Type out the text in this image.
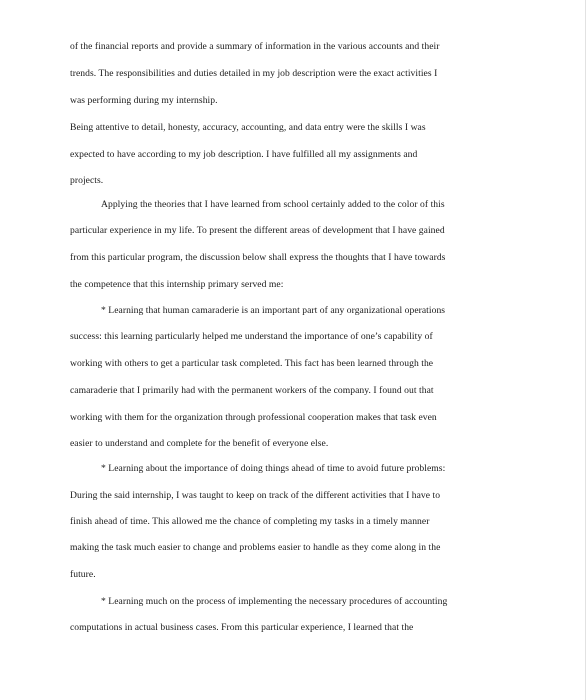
of the financial reports and provide a summary of information in the various accounts and their
trends. The responsibilities and duties detailed in my job description were the exact activities I
was performing during my internship.
Being attentive to detail, honesty, accuracy, accounting, and data entry were the skills I was
expected to have according to my job description. I have fulfilled all my assignments and
projects.
Applying the theories that I have learned from school certainly added to the color of this
particular experience in my life. To present the different areas of development that I have gained
from this particular program, the discussion below shall express the thoughts that I have towards
the competence that this internship primary served me:
* Learning that human camaraderie is an important part of any organizational operations
success: this learning particularly helped me understand the importance of one’s capability of
working with others to get a particular task completed. This fact has been learned through the
camaraderie that I primarily had with the permanent workers of the company. I found out that
working with them for the organization through professional cooperation makes that task even
easier to understand and complete for the benefit of everyone else.
* Learning about the importance of doing things ahead of time to avoid future problems:
During the said internship, I was taught to keep on track of the different activities that I have to
finish ahead of time. This allowed me the chance of completing my tasks in a timely manner
making the task much easier to change and problems easier to handle as they come along in the
future.
* Learning much on the process of implementing the necessary procedures of accounting
computations in actual business cases. From this particular experience, I learned that the
